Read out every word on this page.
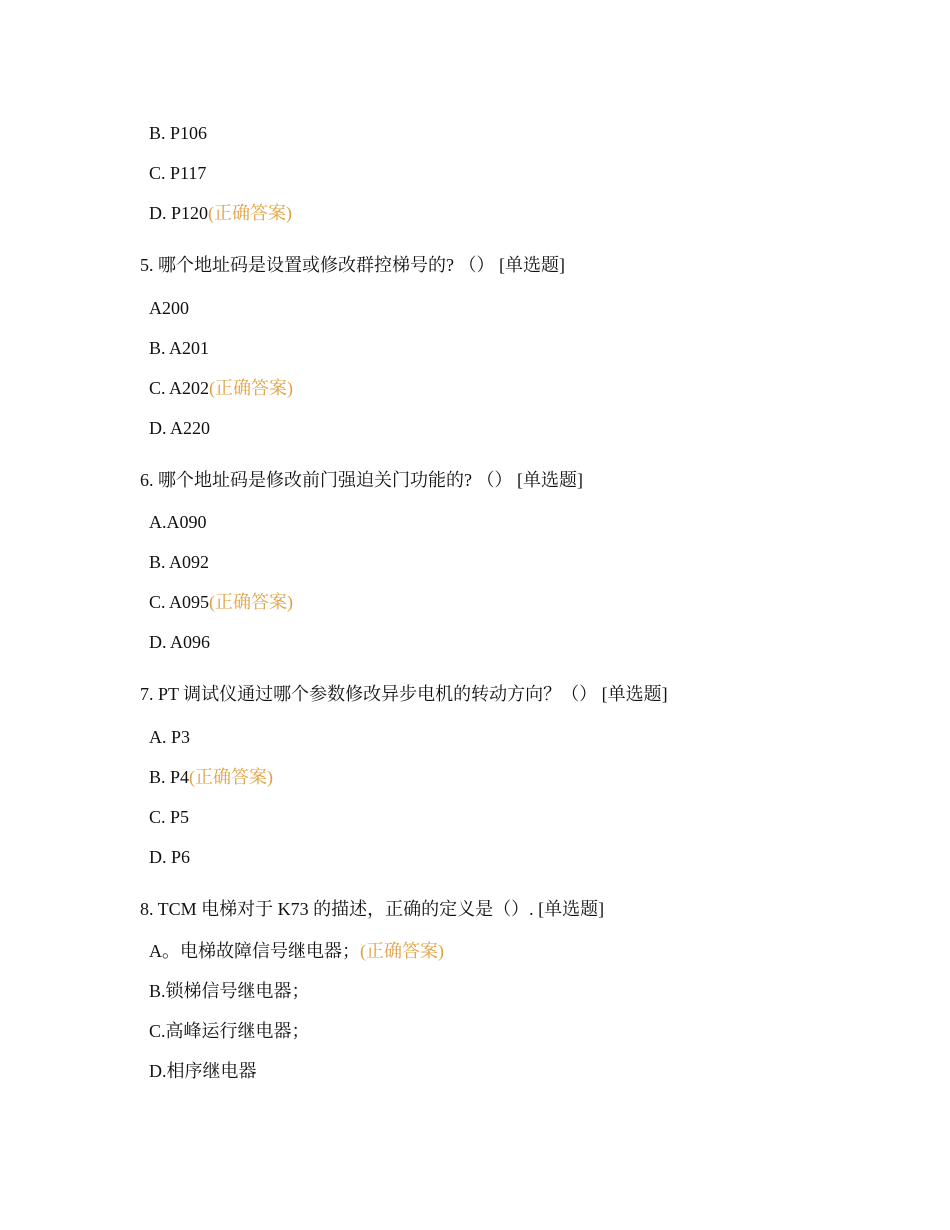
B. P106
C. P117
D. P120(正确答案)
5. 哪个地址码是设置或修改群控梯号的? （） [单选题]
A200
B. A201
C. A202(正确答案)
D. A220
6. 哪个地址码是修改前门强迫关门功能的? （） [单选题]
A.A090
B. A092
C. A095(正确答案)
D. A096
7. PT 调试仪通过哪个参数修改异步电机的转动方向？（） [单选题]
A. P3
B. P4(正确答案)
C. P5
D. P6
8. TCM 电梯对于 K73 的描述，正确的定义是（）. [单选题]
A。电梯故障信号继电器；(正确答案)
B.锁梯信号继电器；
C.高峰运行继电器；
D.相序继电器
